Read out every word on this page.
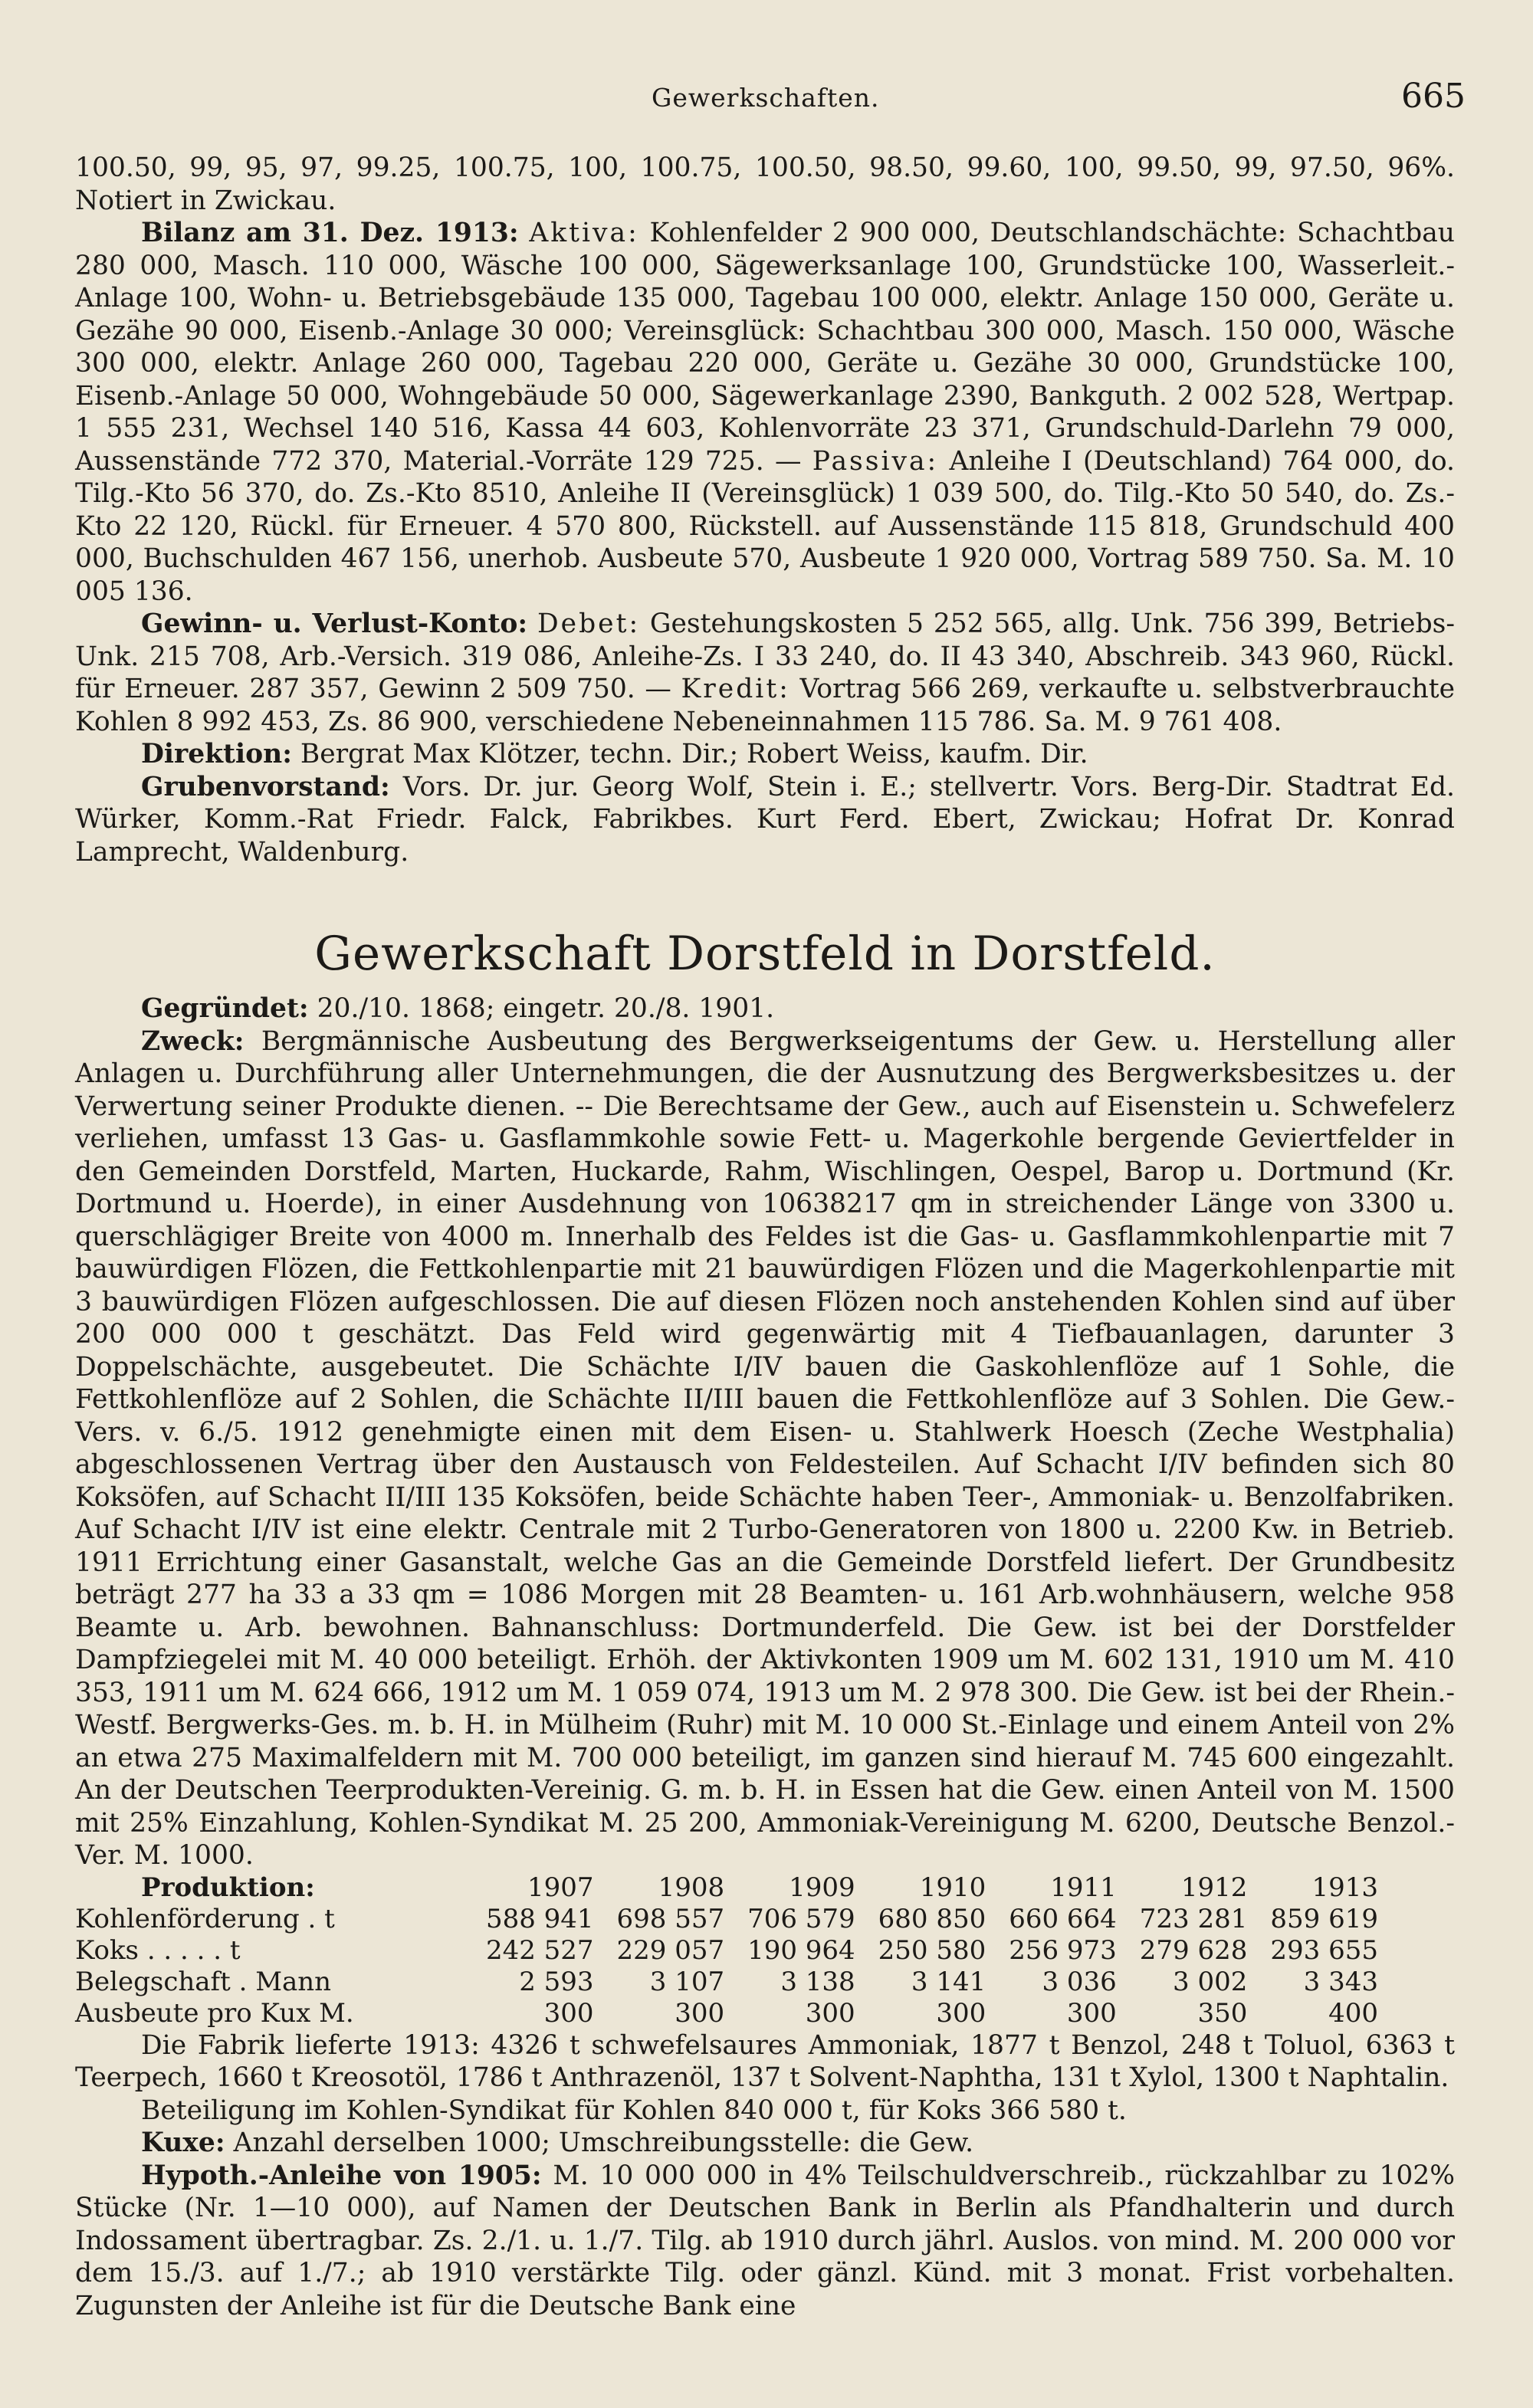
Gewerkschaften.	665

100.50, 99, 95, 97, 99.25, 100.75, 100, 100.75, 100.50, 98.50, 99.60, 100, 99.50, 99, 97.50, 96%. Notiert in Zwickau.

Bilanz am 31. Dez. 1913: Aktiva: Kohlenfelder 2 900 000, Deutschlandschächte: Schachtbau 280 000, Masch. 110 000, Wäsche 100 000, Sägewerksanlage 100, Grundstücke 100, Wasserleit.-Anlage 100, Wohn- u. Betriebsgebäude 135 000, Tagebau 100 000, elektr. Anlage 150 000, Geräte u. Gezähe 90 000, Eisenb.-Anlage 30 000; Vereinsglück: Schachtbau 300 000, Masch. 150 000, Wäsche 300 000, elektr. Anlage 260 000, Tagebau 220 000, Geräte u. Gezähe 30 000, Grundstücke 100, Eisenb.-Anlage 50 000, Wohngebäude 50 000, Sägewerkanlage 2390, Bankguth. 2 002 528, Wertpap. 1 555 231, Wechsel 140 516, Kassa 44 603, Kohlenvorräte 23 371, Grundschuld-Darlehn 79 000, Aussenstände 772 370, Material.-Vorräte 129 725. — Passiva: Anleihe I (Deutschland) 764 000, do. Tilg.-Kto 56 370, do. Zs.-Kto 8510, Anleihe II (Vereinsglück) 1 039 500, do. Tilg.-Kto 50 540, do. Zs.-Kto 22 120, Rückl. für Erneuer. 4 570 800, Rückstell. auf Aussenstände 115 818, Grundschuld 400 000, Buchschulden 467 156, unerhob. Ausbeute 570, Ausbeute 1 920 000, Vortrag 589 750. Sa. M. 10 005 136.

Gewinn- u. Verlust-Konto: Debet: Gestehungskosten 5 252 565, allg. Unk. 756 399, Betriebs-Unk. 215 708, Arb.-Versich. 319 086, Anleihe-Zs. I 33 240, do. II 43 340, Abschreib. 343 960, Rückl. für Erneuer. 287 357, Gewinn 2 509 750. — Kredit: Vortrag 566 269, verkaufte u. selbstverbrauchte Kohlen 8 992 453, Zs. 86 900, verschiedene Nebeneinnahmen 115 786. Sa. M. 9 761 408.

Direktion: Bergrat Max Klötzer, techn. Dir.; Robert Weiss, kaufm. Dir.

Grubenvorstand: Vors. Dr. jur. Georg Wolf, Stein i. E.; stellvertr. Vors. Berg-Dir. Stadtrat Ed. Würker, Komm.-Rat Friedr. Falck, Fabrikbes. Kurt Ferd. Ebert, Zwickau; Hofrat Dr. Konrad Lamprecht, Waldenburg.

Gewerkschaft Dorstfeld in Dorstfeld.

Gegründet: 20./10. 1868; eingetr. 20./8. 1901.

Zweck: Bergmännische Ausbeutung des Bergwerkseigentums der Gew. u. Herstellung aller Anlagen u. Durchführung aller Unternehmungen, die der Ausnutzung des Bergwerksbesitzes u. der Verwertung seiner Produkte dienen. -- Die Berechtsame der Gew., auch auf Eisenstein u. Schwefelerz verliehen, umfasst 13 Gas- u. Gasflammkohle sowie Fett- u. Magerkohle bergende Geviertfelder in den Gemeinden Dorstfeld, Marten, Huckarde, Rahm, Wischlingen, Oespel, Barop u. Dortmund (Kr. Dortmund u. Hoerde), in einer Ausdehnung von 10638217 qm in streichender Länge von 3300 u. querschlägiger Breite von 4000 m. Innerhalb des Feldes ist die Gas- u. Gasflammkohlenpartie mit 7 bauwürdigen Flözen, die Fettkohlenpartie mit 21 bauwürdigen Flözen und die Magerkohlenpartie mit 3 bauwürdigen Flözen aufgeschlossen. Die auf diesen Flözen noch anstehenden Kohlen sind auf über 200 000 000 t geschätzt. Das Feld wird gegenwärtig mit 4 Tiefbauanlagen, darunter 3 Doppelschächte, ausgebeutet. Die Schächte I/IV bauen die Gaskohlenflöze auf 1 Sohle, die Fettkohlenflöze auf 2 Sohlen, die Schächte II/III bauen die Fettkohlenflöze auf 3 Sohlen. Die Gew.-Vers. v. 6./5. 1912 genehmigte einen mit dem Eisen- u. Stahlwerk Hoesch (Zeche Westphalia) abgeschlossenen Vertrag über den Austausch von Feldesteilen. Auf Schacht I/IV befinden sich 80 Koksöfen, auf Schacht II/III 135 Koksöfen, beide Schächte haben Teer-, Ammoniak- u. Benzolfabriken. Auf Schacht I/IV ist eine elektr. Centrale mit 2 Turbo-Generatoren von 1800 u. 2200 Kw. in Betrieb. 1911 Errichtung einer Gasanstalt, welche Gas an die Gemeinde Dorstfeld liefert. Der Grundbesitz beträgt 277 ha 33 a 33 qm = 1086 Morgen mit 28 Beamten- u. 161 Arb.wohnhäusern, welche 958 Beamte u. Arb. bewohnen. Bahnanschluss: Dortmunderfeld. Die Gew. ist bei der Dorstfelder Dampfziegelei mit M. 40 000 beteiligt. Erhöh. der Aktivkonten 1909 um M. 602 131, 1910 um M. 410 353, 1911 um M. 624 666, 1912 um M. 1 059 074, 1913 um M. 2 978 300. Die Gew. ist bei der Rhein.-Westf. Bergwerks-Ges. m. b. H. in Mülheim (Ruhr) mit M. 10 000 St.-Einlage und einem Anteil von 2% an etwa 275 Maximalfeldern mit M. 700 000 beteiligt, im ganzen sind hierauf M. 745 600 eingezahlt. An der Deutschen Teerprodukten-Vereinig. G. m. b. H. in Essen hat die Gew. einen Anteil von M. 1500 mit 25% Einzahlung, Kohlen-Syndikat M. 25 200, Ammoniak-Vereinigung M. 6200, Deutsche Benzol.-Ver. M. 1000.

Produktion:	1907	1908	1909	1910	1911	1912	1913
Kohlenförderung . t	588 941	698 557	706 579	680 850	660 664	723 281	859 619
Koks . . . . . t	242 527	229 057	190 964	250 580	256 973	279 628	293 655
Belegschaft . Mann	2 593	3 107	3 138	3 141	3 036	3 002	3 343
Ausbeute pro Kux M.	300	300	300	300	300	350	400

Die Fabrik lieferte 1913: 4326 t schwefelsaures Ammoniak, 1877 t Benzol, 248 t Toluol, 6363 t Teerpech, 1660 t Kreosotöl, 1786 t Anthrazenöl, 137 t Solvent-Naphtha, 131 t Xylol, 1300 t Naphtalin.

Beteiligung im Kohlen-Syndikat für Kohlen 840 000 t, für Koks 366 580 t.

Kuxe: Anzahl derselben 1000; Umschreibungsstelle: die Gew.

Hypoth.-Anleihe von 1905: M. 10 000 000 in 4% Teilschuldverschreib., rückzahlbar zu 102% Stücke (Nr. 1—10 000), auf Namen der Deutschen Bank in Berlin als Pfandhalterin und durch Indossament übertragbar. Zs. 2./1. u. 1./7. Tilg. ab 1910 durch jährl. Auslos. von mind. M. 200 000 vor dem 15./3. auf 1./7.; ab 1910 verstärkte Tilg. oder gänzl. Künd. mit 3 monat. Frist vorbehalten. Zugunsten der Anleihe ist für die Deutsche Bank eine
